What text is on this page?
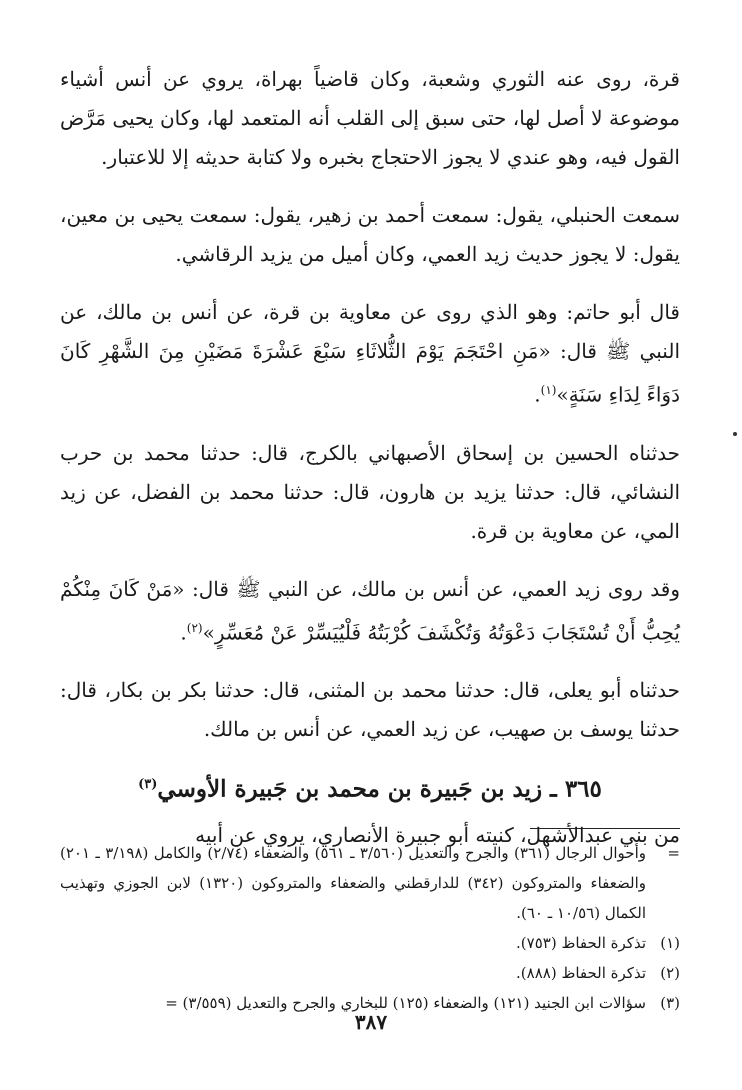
قرة، روى عنه الثوري وشعبة، وكان قاضياً بهراة، يروي عن أنس أشياء موضوعة لا أصل لها، حتى سبق إلى القلب أنه المتعمد لها، وكان يحيى مَرَّض القول فيه، وهو عندي لا يجوز الاحتجاج بخبره ولا كتابة حديثه إلا للاعتبار.

سمعت الحنبلي، يقول: سمعت أحمد بن زهير، يقول: سمعت يحيى بن معين، يقول: لا يجوز حديث زيد العمي، وكان أميل من يزيد الرقاشي.

قال أبو حاتم: وهو الذي روى عن معاوية بن قرة، عن أنس بن مالك، عن النبي ﷺ قال: «مَنِ احْتَجَمَ يَوْمَ الثُّلاثَاءِ سَبْعَ عَشْرَةَ مَضَيْنِ مِنَ الشَّهْرِ كَانَ دَوَاءً لِدَاءِ سَنَةٍ»$^{(١)}$.

حدثناه الحسين بن إسحاق الأصبهاني بالكرج، قال: حدثنا محمد بن حرب النشائي، قال: حدثنا يزيد بن هارون، قال: حدثنا محمد بن الفضل، عن زيد المي، عن معاوية بن قرة.

وقد روى زيد العمي، عن أنس بن مالك، عن النبي ﷺ قال: «مَنْ كَانَ مِنْكُمْ يُحِبُّ أَنْ تُسْتَجَابَ دَعْوَتُهُ وَتُكْشَفَ كُرْبَتُهُ فَلْيُيَسِّرْ عَنْ مُعَسِّرٍ»$^{(٢)}$.

حدثناه أبو يعلى، قال: حدثنا محمد بن المثنى، قال: حدثنا بكر بن بكار، قال: حدثنا يوسف بن صهيب، عن زيد العمي، عن أنس بن مالك.

٣٦٥ ـ زيد بن جَبيرة بن محمد بن جَبيرة الأوسي$^{(٣)}$

من بني عبدالأشهل، كنيته أبو جبيرة الأنصاري، يروي عن أبيه

=
وأحوال الرجال (٣٦١) والجرح والتعديل (٣/٥٦٠ ـ ٥٦١) والضعفاء (٢/٧٤) والكامل (٣/١٩٨ ـ ٢٠١) والضعفاء والمتروكون (٣٤٢) للدارقطني والضعفاء والمتروكون (١٣٢٠) لابن الجوزي وتهذيب الكمال (١٠/٥٦ ـ ٦٠).
(١)
تذكرة الحفاظ (٧٥٣).
(٢)
تذكرة الحفاظ (٨٨٨).
(٣)
سؤالات ابن الجنيد (١٢١) والضعفاء (١٢٥) للبخاري والجرح والتعديل (٣/٥٥٩) =
٣٨٧
